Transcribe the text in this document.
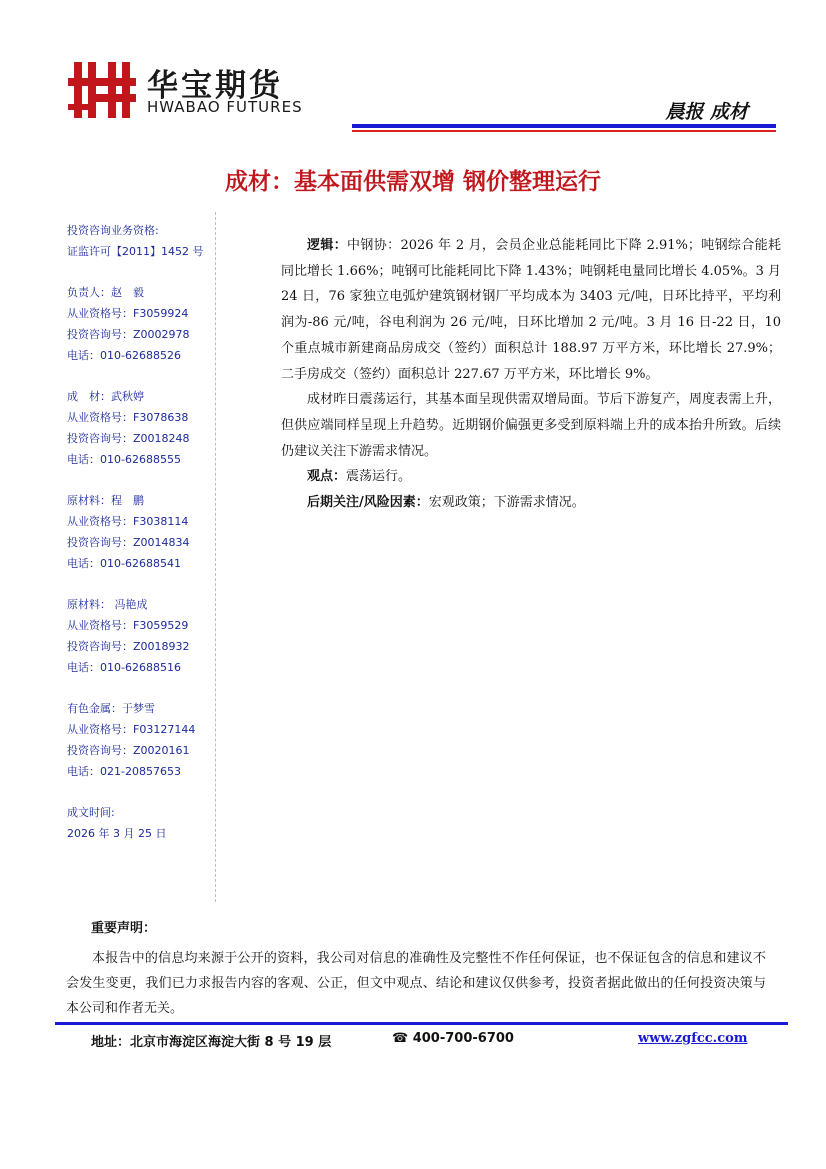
华宝期货
HWABAO FUTURES	晨报 成材
成材：基本面供需双增 钢价整理运行
投资咨询业务资格:
证监许可【2011】1452 号
负责人：赵　毅
从业资格号：F3059924
投资咨询号：Z0002978
电话：010-62688526
成　材：武秋婷
从业资格号：F3078638
投资咨询号：Z0018248
电话：010-62688555
原材料：程　鹏
从业资格号：F3038114
投资咨询号：Z0014834
电话：010-62688541
原材料： 冯艳成
从业资格号：F3059529
投资咨询号：Z0018932
电话：010-62688516
有色金属：于梦雪
从业资格号：F03127144
投资咨询号：Z0020161
电话：021-20857653
成文时间:
2026 年 3 月 25 日

逻辑：中钢协：2026 年 2 月，会员企业总能耗同比下降 2.91%；吨钢综合能耗同比增长 1.66%；吨钢可比能耗同比下降 1.43%；吨钢耗电量同比增长 4.05%。3 月 24 日，76 家独立电弧炉建筑钢材钢厂平均成本为 3403 元/吨，日环比持平，平均利润为-86 元/吨，谷电利润为 26 元/吨，日环比增加 2 元/吨。3 月 16 日-22 日，10 个重点城市新建商品房成交（签约）面积总计 188.97 万平方米，环比增长 27.9%；二手房成交（签约）面积总计 227.67 万平方米，环比增长 9%。

成材昨日震荡运行，其基本面呈现供需双增局面。节后下游复产，周度表需上升，但供应端同样呈现上升趋势。近期钢价偏强更多受到原料端上升的成本抬升所致。后续仍建议关注下游需求情况。

观点：震荡运行。

后期关注/风险因素：宏观政策；下游需求情况。

重要声明：
本报告中的信息均来源于公开的资料，我公司对信息的准确性及完整性不作任何保证，也不保证包含的信息和建议不会发生变更，我们已力求报告内容的客观、公正，但文中观点、结论和建议仅供参考，投资者据此做出的任何投资决策与本公司和作者无关。
地址：北京市海淀区海淀大街 8 号 19 层	☎ 400-700-6700	www.zgfcc.com
